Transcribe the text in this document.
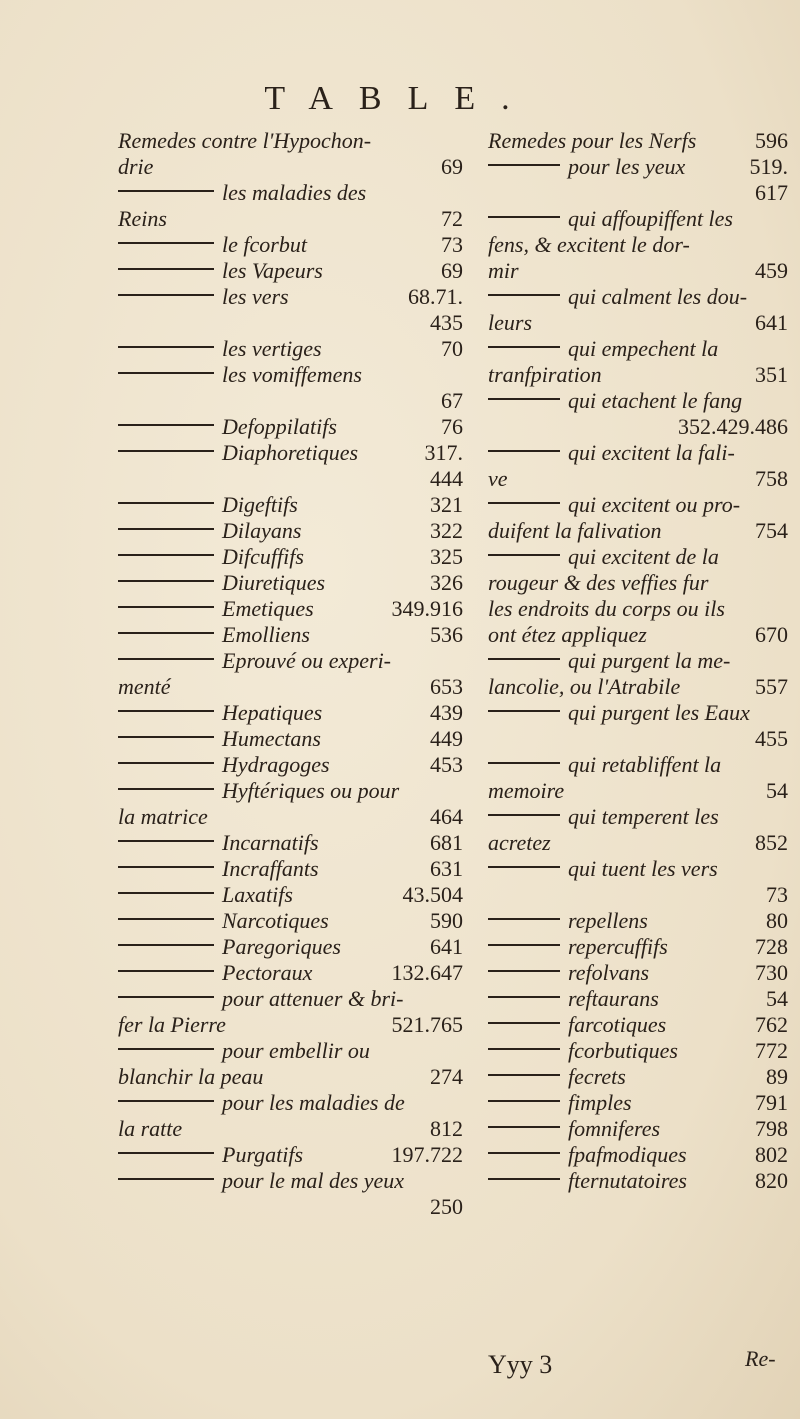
TABLE.
Remedes contre l'Hypochon-
drie	69
les maladies des
Reins	72
le fcorbut	73
les Vapeurs	69
les vers	68.71.
435
les vertiges	70
les vomiffemens
67
Defoppilatifs	76
Diaphoretiques	317.
444
Digeftifs	321
Dilayans	322
Difcuffifs	325
Diuretiques	326
Emetiques	349.916
Emolliens	536
Eprouvé ou experi-
menté	653
Hepatiques	439
Humectans	449
Hydragoges	453
Hyftériques ou pour
la matrice	464
Incarnatifs	681
Incraffants	631
Laxatifs	43.504
Narcotiques	590
Paregoriques	641
Pectoraux	132.647
pour attenuer & bri-
fer la Pierre	521.765
pour embellir ou
blanchir la peau	274
pour les maladies de
la ratte	812
Purgatifs	197.722
pour le mal des yeux
250
Remedes pour les Nerfs	596
pour les yeux	519.
617
qui affoupiffent les
fens, & excitent le dor-
mir	459
qui calment les dou-
leurs	641
qui empechent la
tranfpiration	351
qui etachent le fang
352.429.486
qui excitent la fali-
ve	758
qui excitent ou pro-
duifent la falivation	754
qui excitent de la
rougeur & des veffies fur
les endroits du corps ou ils
ont étez appliquez	670
qui purgent la me-
lancolie, ou l'Atrabile	557
qui purgent les Eaux
455
qui retabliffent la
memoire	54
qui temperent les
acretez	852
qui tuent les vers
73
repellens	80
repercuffifs	728
refolvans	730
reftaurans	54
farcotiques	762
fcorbutiques	772
fecrets	89
fimples	791
fomniferes	798
fpafmodiques	802
fternutatoires	820
Yyy 3	Re-
